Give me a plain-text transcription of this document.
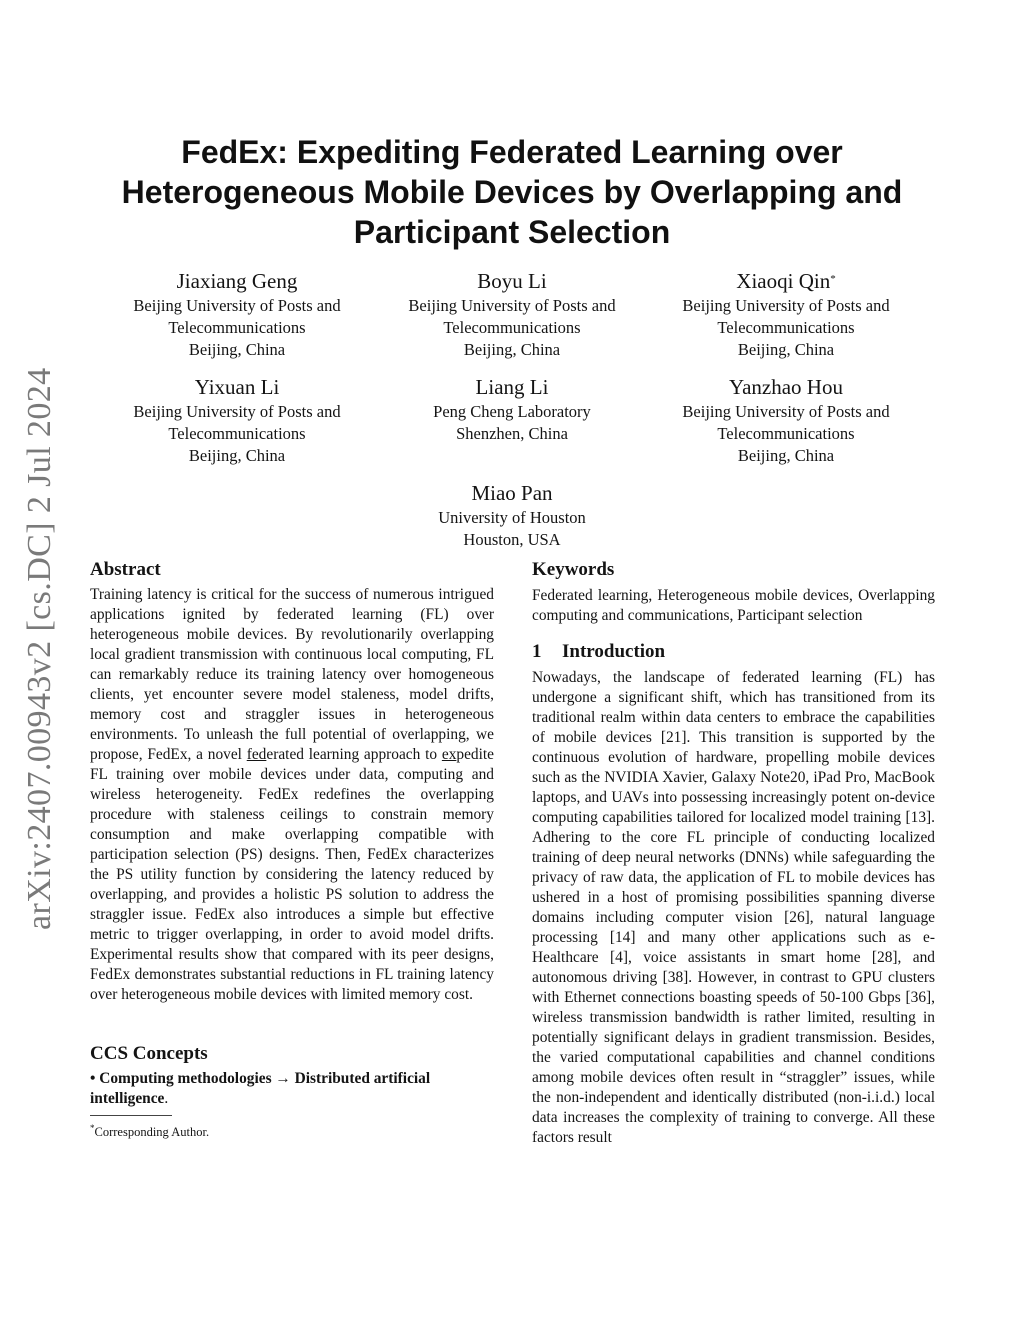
arXiv:2407.00943v2 [cs.DC] 2 Jul 2024
FedEx: Expediting Federated Learning over
Heterogeneous Mobile Devices by Overlapping and
Participant Selection
Jiaxiang Geng
Beijing University of Posts and
Telecommunications
Beijing, China
Boyu Li
Beijing University of Posts and
Telecommunications
Beijing, China
Xiaoqi Qin*
Beijing University of Posts and
Telecommunications
Beijing, China
Yixuan Li
Beijing University of Posts and
Telecommunications
Beijing, China
Liang Li
Peng Cheng Laboratory
Shenzhen, China
Yanzhao Hou
Beijing University of Posts and
Telecommunications
Beijing, China
Miao Pan
University of Houston
Houston, USA
Abstract
Training latency is critical for the success of numerous intrigued applications ignited by federated learning (FL) over heterogeneous mobile devices. By revolutionarily overlapping local gradient transmission with continuous local computing, FL can remarkably reduce its training latency over homogeneous clients, yet encounter severe model staleness, model drifts, memory cost and straggler issues in heterogeneous environments. To unleash the full potential of overlapping, we propose, FedEx, a novel federated learning approach to expedite FL training over mobile devices under data, computing and wireless heterogeneity. FedEx redefines the overlapping procedure with staleness ceilings to constrain memory consumption and make overlapping compatible with participation selection (PS) designs. Then, FedEx characterizes the PS utility function by considering the latency reduced by overlapping, and provides a holistic PS solution to address the straggler issue. FedEx also introduces a simple but effective metric to trigger overlapping, in order to avoid model drifts. Experimental results show that compared with its peer designs, FedEx demonstrates substantial reductions in FL training latency over heterogeneous mobile devices with limited memory cost.
CCS Concepts
• Computing methodologies → Distributed artificial intelligence.
*Corresponding Author.
Keywords
Federated learning, Heterogeneous mobile devices, Overlapping computing and communications, Participant selection
1 Introduction
Nowadays, the landscape of federated learning (FL) has undergone a significant shift, which has transitioned from its traditional realm within data centers to embrace the capabilities of mobile devices [21]. This transition is supported by the continuous evolution of hardware, propelling mobile devices such as the NVIDIA Xavier, Galaxy Note20, iPad Pro, MacBook laptops, and UAVs into possessing increasingly potent on-device computing capabilities tailored for localized model training [13]. Adhering to the core FL principle of conducting localized training of deep neural networks (DNNs) while safeguarding the privacy of raw data, the application of FL to mobile devices has ushered in a host of promising possibilities spanning diverse domains including computer vision [26], natural language processing [14] and many other applications such as e-Healthcare [4], voice assistants in smart home [28], and autonomous driving [38]. However, in contrast to GPU clusters with Ethernet connections boasting speeds of 50-100 Gbps [36], wireless transmission bandwidth is rather limited, resulting in potentially significant delays in gradient transmission. Besides, the varied computational capabilities and channel conditions among mobile devices often result in “straggler” issues, while the non-independent and identically distributed (non-i.i.d.) local data increases the complexity of training to converge. All these factors result
